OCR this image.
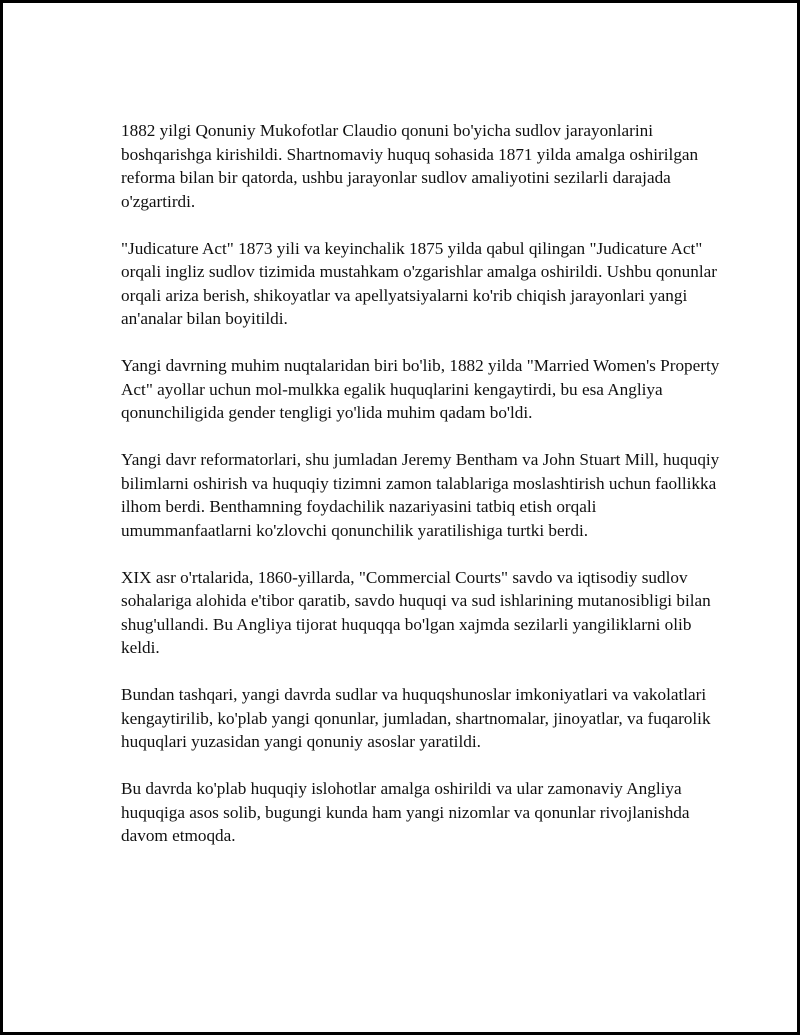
1882 yilgi Qonuniy Mukofotlar Claudio qonuni bo'yicha sudlov jarayonlarini boshqarishga kirishildi. Shartnomaviy huquq sohasida 1871 yilda amalga oshirilgan reforma bilan bir qatorda, ushbu jarayonlar sudlov amaliyotini sezilarli darajada o'zgartirdi.

"Judicature Act" 1873 yili va keyinchalik 1875 yilda qabul qilingan "Judicature Act" orqali ingliz sudlov tizimida mustahkam o'zgarishlar amalga oshirildi. Ushbu qonunlar orqali ariza berish, shikoyatlar va apellyatsiyalarni ko'rib chiqish jarayonlari yangi an'analar bilan boyitildi.

Yangi davrning muhim nuqtalaridan biri bo'lib, 1882 yilda "Married Women's Property Act" ayollar uchun mol-mulkka egalik huquqlarini kengaytirdi, bu esa Angliya qonunchiligida gender tengligi yo'lida muhim qadam bo'ldi.

Yangi davr reformatorlari, shu jumladan Jeremy Bentham va John Stuart Mill, huquqiy bilimlarni oshirish va huquqiy tizimni zamon talablariga moslashtirish uchun faollikka ilhom berdi. Benthamning foydachilik nazariyasini tatbiq etish orqali umummanfaatlarni ko'zlovchi qonunchilik yaratilishiga turtki berdi.

XIX asr o'rtalarida, 1860-yillarda, "Commercial Courts" savdo va iqtisodiy sudlov sohalariga alohida e'tibor qaratib, savdo huquqi va sud ishlarining mutanosibligi bilan shug'ullandi. Bu Angliya tijorat huquqqa bo'lgan xajmda sezilarli yangiliklarni olib keldi.

Bundan tashqari, yangi davrda sudlar va huquqshunoslar imkoniyatlari va vakolatlari kengaytirilib, ko'plab yangi qonunlar, jumladan, shartnomalar, jinoyatlar, va fuqarolik huquqlari yuzasidan yangi qonuniy asoslar yaratildi.

Bu davrda ko'plab huquqiy islohotlar amalga oshirildi va ular zamonaviy Angliya huquqiga asos solib, bugungi kunda ham yangi nizomlar va qonunlar rivojlanishda davom etmoqda.
